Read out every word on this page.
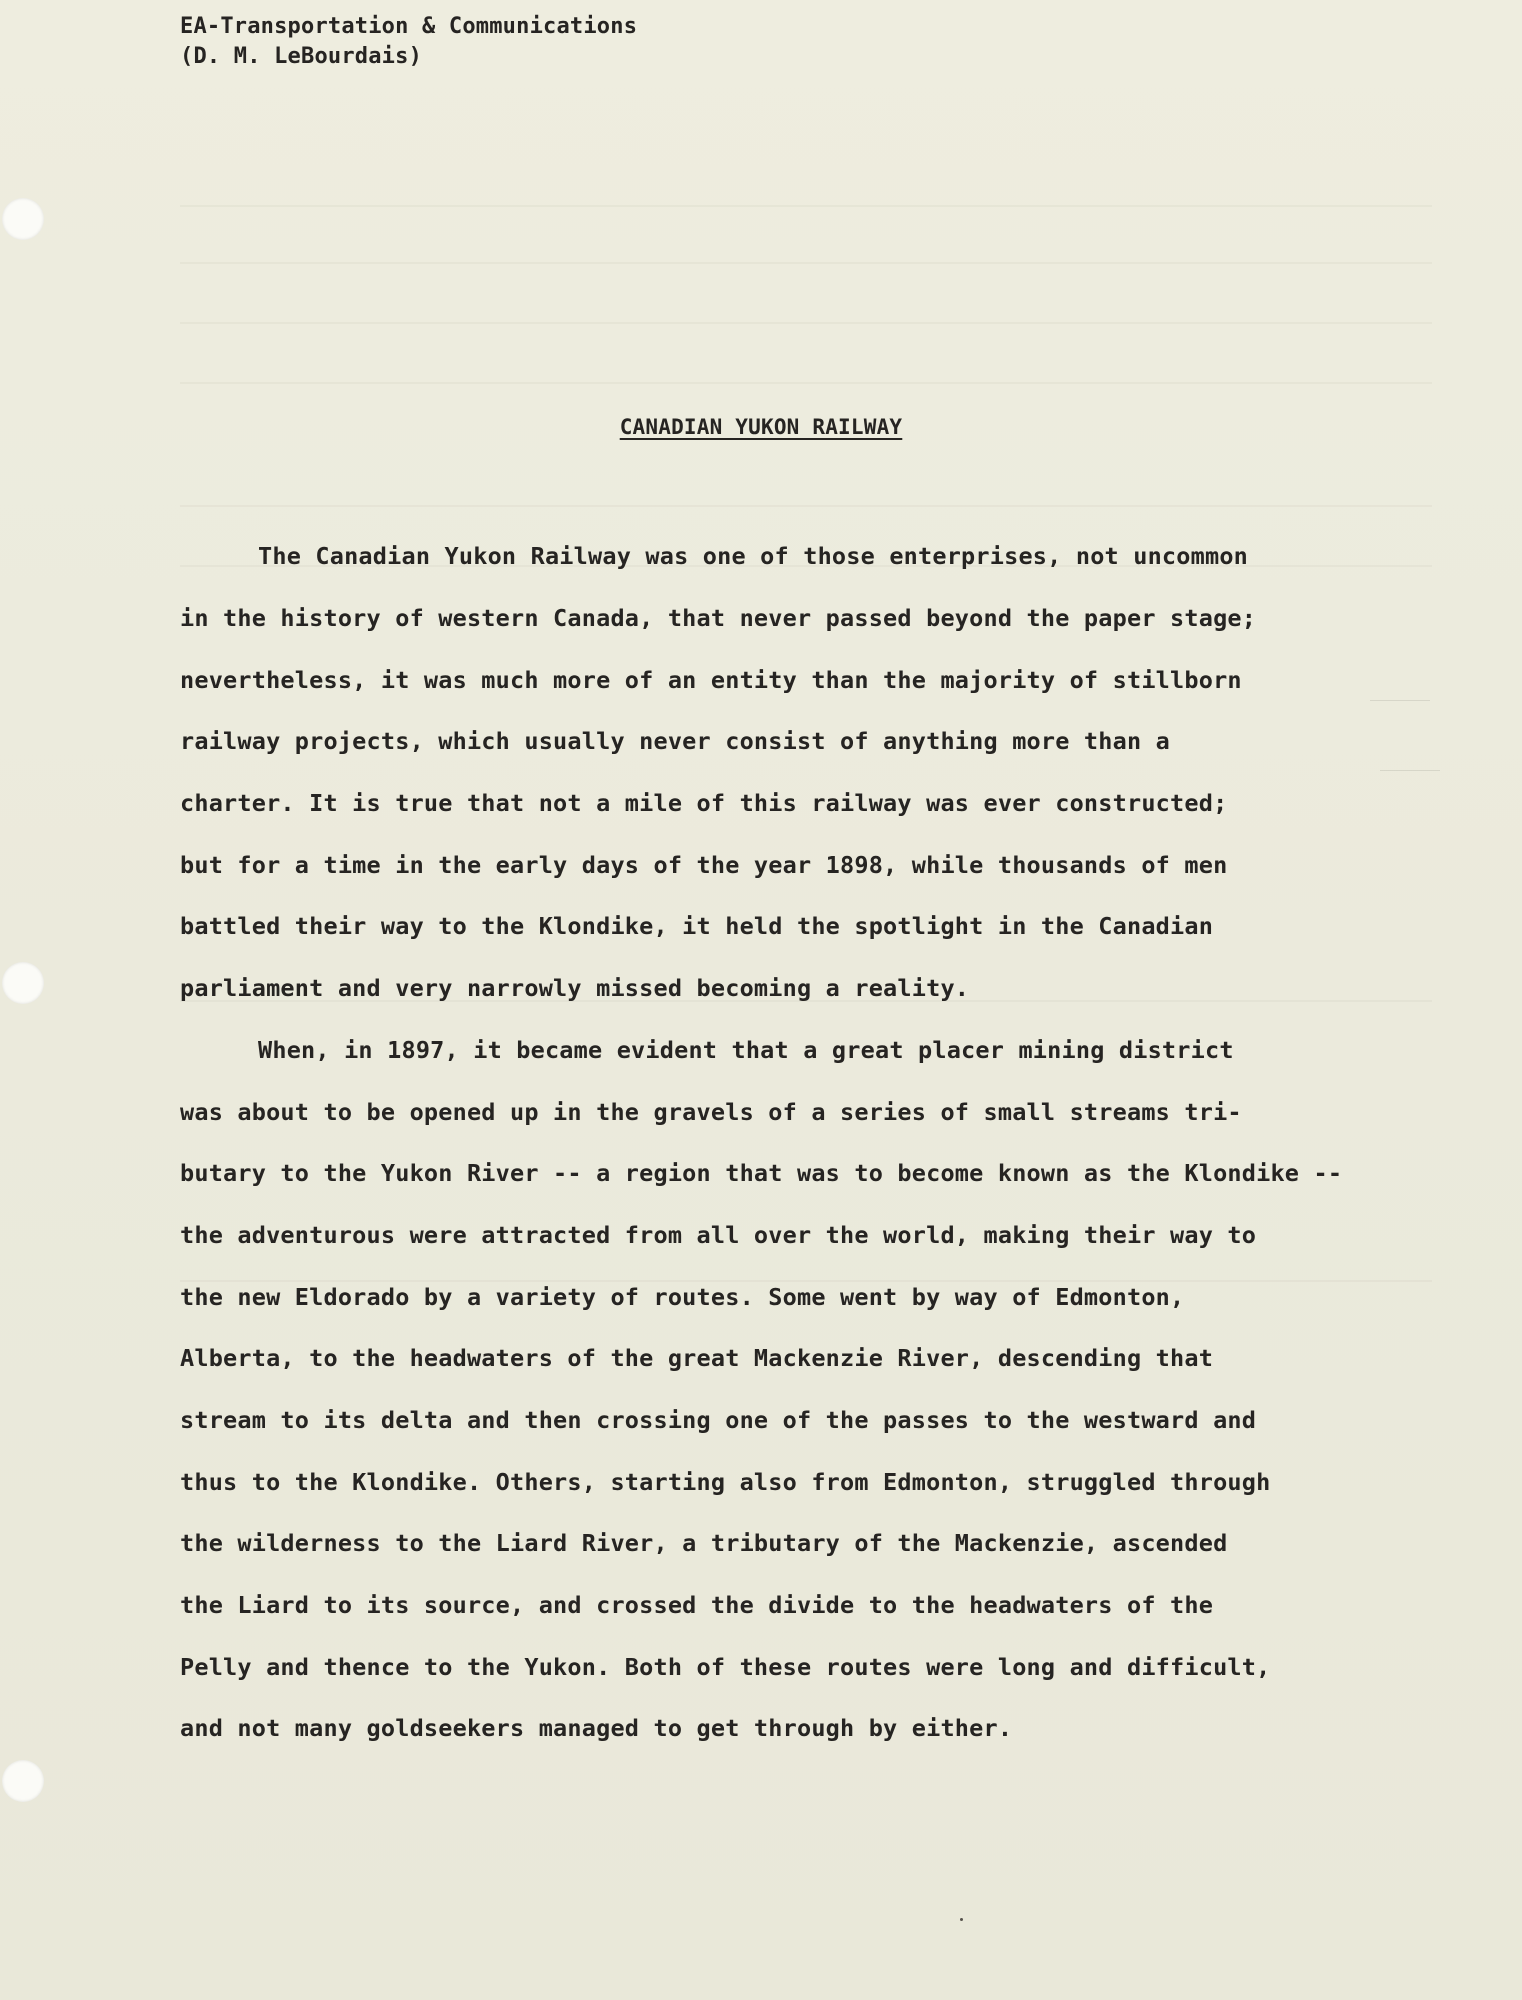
EA-Transportation & Communications
(D. M. LeBourdais)
CANADIAN YUKON RAILWAY
The Canadian Yukon Railway was one of those enterprises, not uncommon
in the history of western Canada, that never passed beyond the paper stage;
nevertheless, it was much more of an entity than the majority of stillborn
railway projects, which usually never consist of anything more than a
charter. It is true that not a mile of this railway was ever constructed;
but for a time in the early days of the year 1898, while thousands of men
battled their way to the Klondike, it held the spotlight in the Canadian
parliament and very narrowly missed becoming a reality.
When, in 1897, it became evident that a great placer mining district
was about to be opened up in the gravels of a series of small streams tri-
butary to the Yukon River -- a region that was to become known as the Klondike --
the adventurous were attracted from all over the world, making their way to
the new Eldorado by a variety of routes. Some went by way of Edmonton,
Alberta, to the headwaters of the great Mackenzie River, descending that
stream to its delta and then crossing one of the passes to the westward and
thus to the Klondike. Others, starting also from Edmonton, struggled through
the wilderness to the Liard River, a tributary of the Mackenzie, ascended
the Liard to its source, and crossed the divide to the headwaters of the
Pelly and thence to the Yukon. Both of these routes were long and difficult,
and not many goldseekers managed to get through by either.
